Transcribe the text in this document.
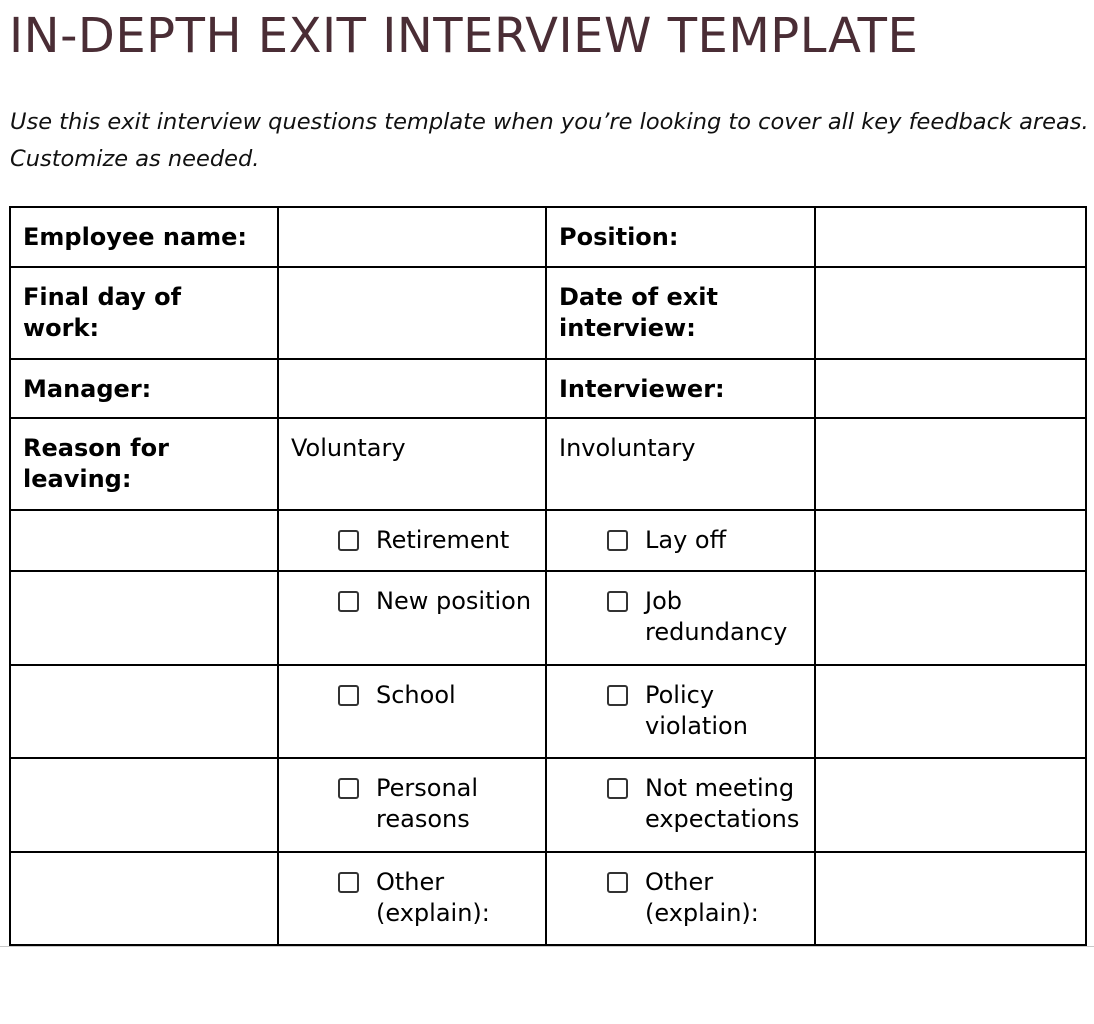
IN-DEPTH EXIT INTERVIEW TEMPLATE

Use this exit interview questions template when you’re looking to cover all key feedback areas. Customize as needed.

Employee name:		Position:	
Final day of work:		Date of exit interview:	
Manager:		Interviewer:	
Reason for leaving:	Voluntary	Involuntary	

	Retirement	Lay off	

	New position	Job redundancy	

	School	Policy violation	

	Personal reasons	Not meeting expectations	

	Other (explain):	Other (explain):	
